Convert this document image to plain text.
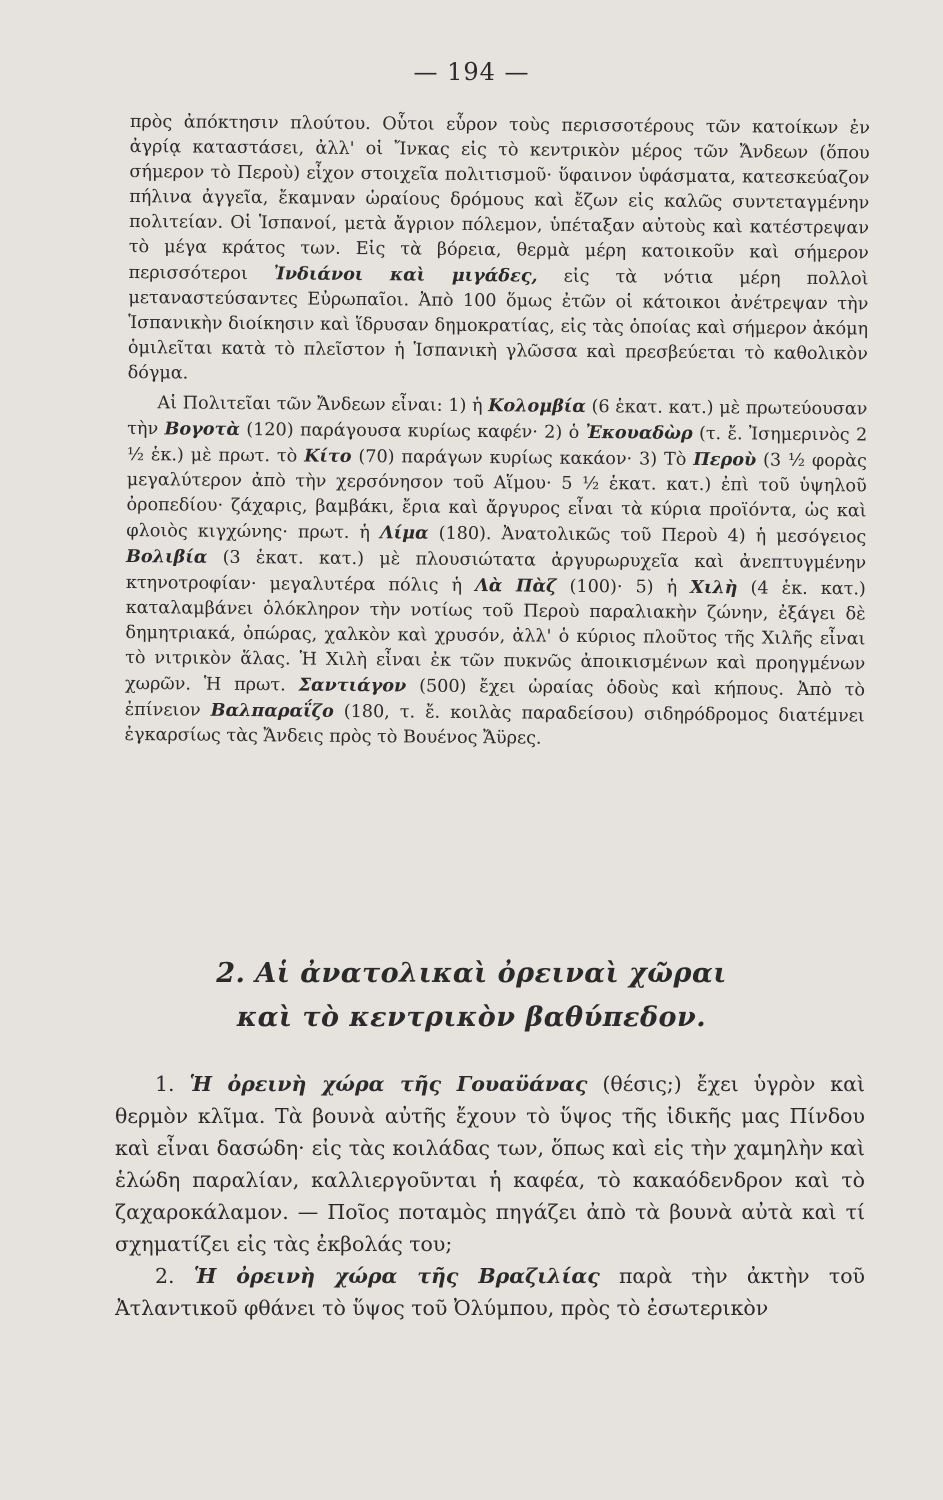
— 194 —

πρὸς ἀπόκτησιν πλούτου. Οὗτοι εὗρον τοὺς περισσοτέρους τῶν κατοίκων ἐν ἀγρίᾳ καταστάσει, ἀλλ' οἱ Ἴνκας εἰς τὸ κεντρικὸν μέρος τῶν Ἄνδεων (ὅπου σήμερον τὸ Περοὺ) εἶχον στοιχεῖα πολιτισμοῦ· ὕφαινον ὑφάσματα, κατεσκεύαζον πήλινα ἀγγεῖα, ἔκαμναν ὡραίους δρόμους καὶ ἔζων εἰς καλῶς συντεταγμένην πολιτείαν. Οἱ Ἱσπανοί, μετὰ ἄγριον πόλεμον, ὑπέταξαν αὐτοὺς καὶ κατέστρεψαν τὸ μέγα κράτος των. Εἰς τὰ βόρεια, θερμὰ μέρη κατοικοῦν καὶ σήμερον περισσότεροι Ἰνδιάνοι καὶ μιγάδες, εἰς τὰ νότια μέρη πολλοὶ μεταναστεύσαντες Εὐρωπαῖοι. Ἀπὸ 100 ὅμως ἐτῶν οἱ κάτοικοι ἀνέτρεψαν τὴν Ἱσπανικὴν διοίκησιν καὶ ἵδρυσαν δημοκρατίας, εἰς τὰς ὁποίας καὶ σήμερον ἀκόμη ὁμιλεῖται κατὰ τὸ πλεῖστον ἡ Ἱσπανικὴ γλῶσσα καὶ πρεσβεύεται τὸ καθολικὸν δόγμα.

Αἱ Πολιτεῖαι τῶν Ἄνδεων εἶναι: 1) ἡ Κολομβία (6 ἑκατ. κατ.) μὲ πρωτεύουσαν τὴν Βογοτὰ (120) παράγουσα κυρίως καφέν· 2) ὁ Ἐκουαδὼρ (τ. ἔ. Ἰσημερινὸς 2 ½ ἑκ.) μὲ πρωτ. τὸ Κίτο (70) παράγων κυρίως κακάον· 3) Τὸ Περοὺ (3 ½ φορὰς μεγαλύτερον ἀπὸ τὴν χερσόνησον τοῦ Αἵμου· 5 ½ ἑκατ. κατ.) ἐπὶ τοῦ ὑψηλοῦ ὀροπεδίου· ζάχαρις, βαμβάκι, ἔρια καὶ ἄργυρος εἶναι τὰ κύρια προϊόντα, ὡς καὶ φλοιὸς κιγχώνης· πρωτ. ἡ Λίμα (180). Ἀνατολικῶς τοῦ Περοὺ 4) ἡ μεσόγειος Βολιβία (3 ἑκατ. κατ.) μὲ πλουσιώτατα ἀργυρωρυχεῖα καὶ ἀνεπτυγμένην κτηνοτροφίαν· μεγαλυτέρα πόλις ἡ Λὰ Πὰζ (100)· 5) ἡ Χιλὴ (4 ἑκ. κατ.) καταλαμβάνει ὁλόκληρον τὴν νοτίως τοῦ Περοὺ παραλιακὴν ζώνην, ἐξάγει δὲ δημητριακά, ὀπώρας, χαλκὸν καὶ χρυσόν, ἀλλ' ὁ κύριος πλοῦτος τῆς Χιλῆς εἶναι τὸ νιτρικὸν ἅλας. Ἡ Χιλὴ εἶναι ἐκ τῶν πυκνῶς ἀποικισμένων καὶ προηγμένων χωρῶν. Ἡ πρωτ. Σαντιάγον (500) ἔχει ὡραίας ὁδοὺς καὶ κήπους. Ἀπὸ τὸ ἐπίνειον Βαλπαραΐζο (180, τ. ἔ. κοιλὰς παραδείσου) σιδηρόδρομος διατέμνει ἐγκαρσίως τὰς Ἄνδεις πρὸς τὸ Βουένος Ἄϋρες.

2. Αἱ ἀνατολικαὶ ὀρειναὶ χῶραι
καὶ τὸ κεντρικὸν βαθύπεδον.

1. Ἡ ὀρεινὴ χώρα τῆς Γουαϋάνας (θέσις;) ἔχει ὑγρὸν καὶ θερμὸν κλῖμα. Τὰ βουνὰ αὐτῆς ἔχουν τὸ ὕψος τῆς ἰδικῆς μας Πίνδου καὶ εἶναι δασώδη· εἰς τὰς κοιλάδας των, ὅπως καὶ εἰς τὴν χαμηλὴν καὶ ἑλώδη παραλίαν, καλλιεργοῦνται ἡ καφέα, τὸ κακαόδενδρον καὶ τὸ ζαχαροκάλαμον. — Ποῖος ποταμὸς πηγάζει ἀπὸ τὰ βουνὰ αὐτὰ καὶ τί σχηματίζει εἰς τὰς ἐκβολάς του;

2. Ἡ ὀρεινὴ χώρα τῆς Βραζιλίας παρὰ τὴν ἀκτὴν τοῦ Ἀτλαντικοῦ φθάνει τὸ ὕψος τοῦ Ὀλύμπου, πρὸς τὸ ἐσωτερικὸν
